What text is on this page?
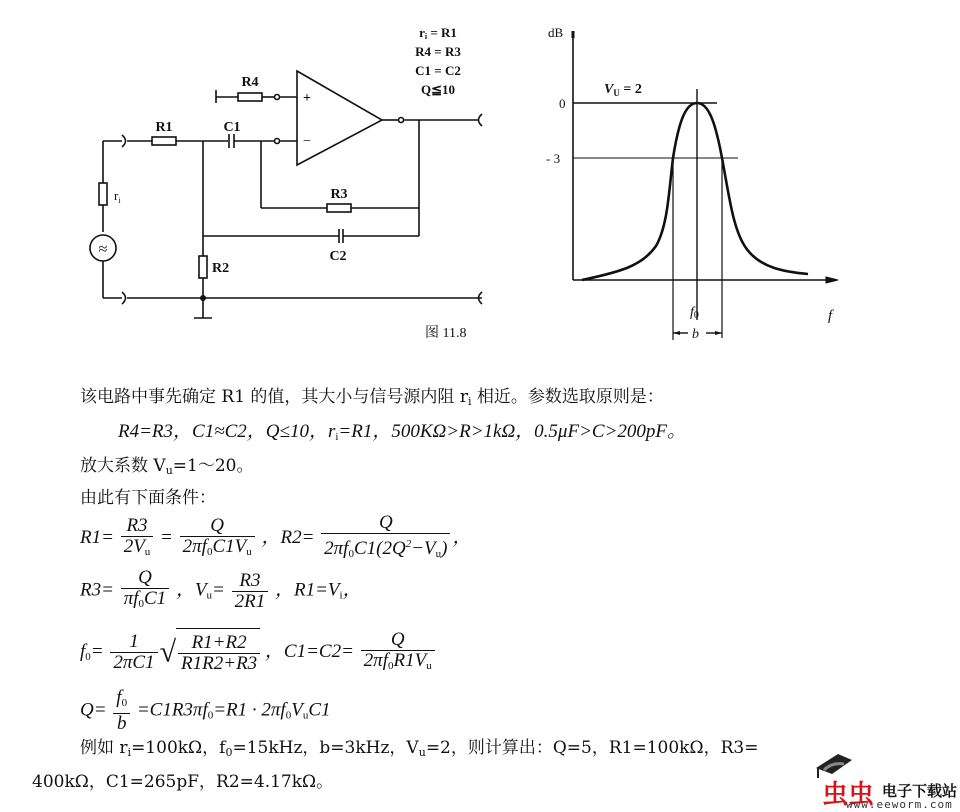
≈
R1	C1
R4
R3
C2
R2
$r_i$
+
−
ri = R1
R4 = R3
C1 = C2
Q≦10
图 11.8
dB
0
- 3
$V_U = 2$
f0
b
f
该电路中事先确定 R1 的值，其大小与信号源内阻 $r_i$ 相近。参数选取原则是：
R4=R3，C1≈C2，Q≤10，$r_i=R1$，500KΩ>R>1kΩ，0.5μF>C>200pF。
放大系数 $V_u=1\sim 20$。
由此有下面条件：
$R1= \frac{R3}{2V_u} = \frac{Q}{2\pi f_0C1V_u}$ ，$R2= \frac{Q}{2\pi f_0C1(2Q^2-V_u)}$ ，
$R3= \frac{Q}{\pi f_0C1}$ ，$V_u= \frac{R3}{2R1}$ ，$R1=V_i$，
$f_0= \frac{1}{2\pi C1}$ √ $\frac{R1+R2}{R1R2+R3}$ ，$C1=C2= \frac{Q}{2\pi f_0R1V_u}$
$Q= \frac{f_0}{b} =C1R3\pi f_0=R1 \cdot 2\pi f_0V_uC1$
例如 $r_i=100k\Omega$，$f_0=15kHz$，b=3kHz，$V_u=2$，则计算出：Q=5，R1=100kΩ，R3=
400kΩ，C1=265pF，R2=4.17kΩ。	虫虫 电子下载站
www.eeworm.com
